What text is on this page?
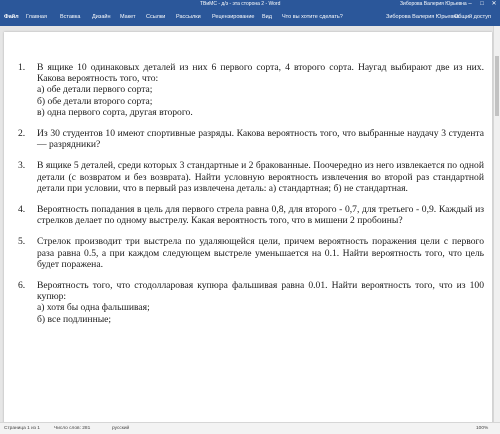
ТВиМС - д/з - эта сторона 2 - Word	Зиборова Валерия Юрьевна –	□	✕
Файл Главная Вставка Дизайн Макет Ссылки Рассылки Рецензирование Вид Что вы хотите сделать?	Зиборова Валерия Юрьевна
Общий доступ
1. В ящике 10 одинаковых деталей из них 6 первого сорта, 4 второго сорта. Наугад выбирают две из них. Какова вероятность того, что:
а) обе детали первого сорта;
б) обе детали второго сорта;
в) одна первого сорта, другая второго.
2. Из 30 студентов 10 имеют спортивные разряды. Какова вероятность того, что выбранные наудачу 3 студента — разрядники?
3. В ящике 5 деталей, среди которых 3 стандартные и 2 бракованные. Поочередно из него извлекается по одной детали (с возвратом и без возврата). Найти условную вероятность извлечения во второй раз стандартной детали при условии, что в первый раз извлечена деталь: а) стандартная; б) не стандартная.
4. Вероятность попадания в цель для первого стрела равна 0,8, для второго - 0,7, для третьего - 0,9. Каждый из стрелков делает по одному выстрелу. Какая вероятность того, что в мишени 2 пробоины?
5. Стрелок производит три выстрела по удаляющейся цели, причем вероятность поражения цели с первого раза равна 0.5, а при каждом следующем выстреле уменьшается на 0.1. Найти вероятность того, что цель будет поражена.
6. Вероятность того, что стодолларовая купюра фальшивая равна 0.01. Найти вероятность того, что из 100 купюр:
а) хотя бы одна фальшивая;
б) все подлинные;
Страница 1 из 1	Число слов: 281	русский	100%
